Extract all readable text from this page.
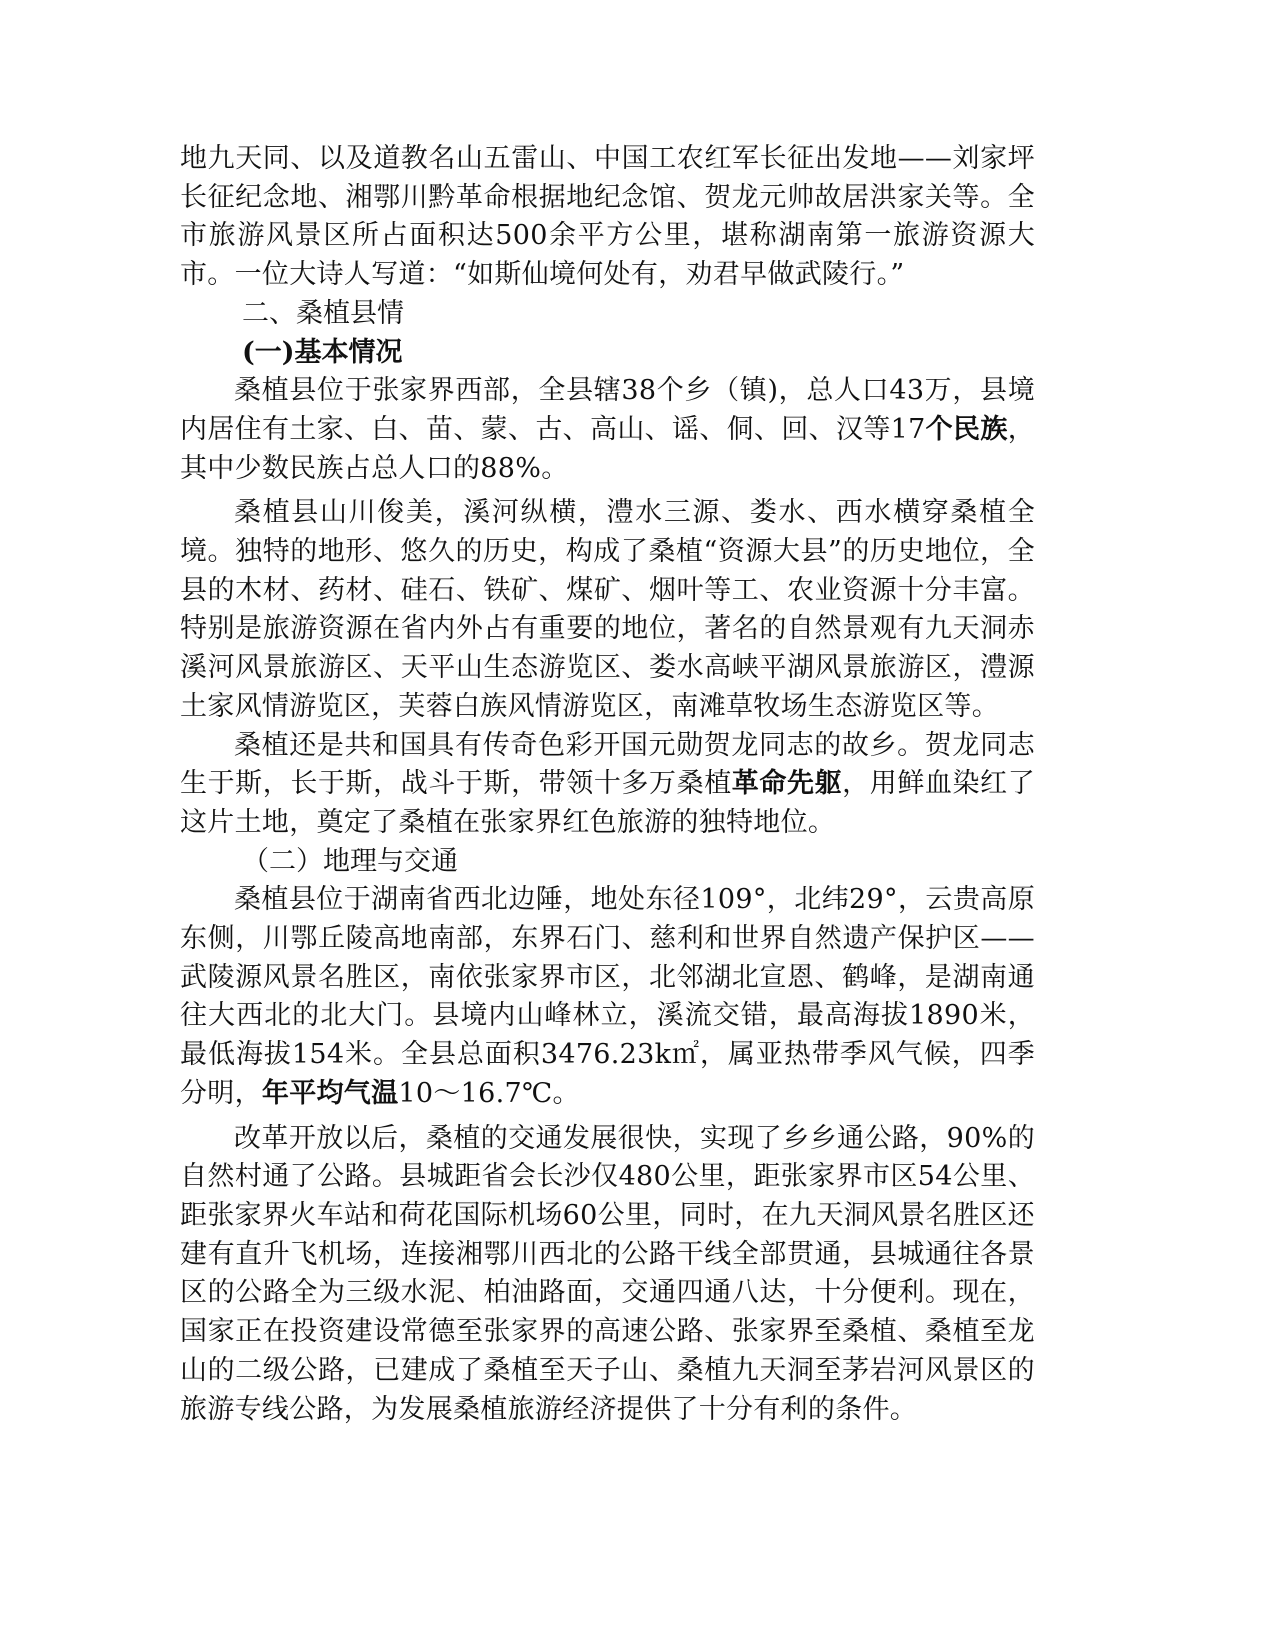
地九天同、以及道教名山五雷山、中国工农红军长征出发地——刘家坪长征纪念地、湘鄂川黔革命根据地纪念馆、贺龙元帅故居洪家关等。全市旅游风景区所占面积达500余平方公里，堪称湖南第一旅游资源大市。一位大诗人写道：“如斯仙境何处有，劝君早做武陵行。”

二、桑植县情

(一)基本情况

桑植县位于张家界西部，全县辖38个乡（镇)，总人口43万，县境内居住有土家、白、苗、蒙、古、高山、谣、侗、回、汉等17个民族，其中少数民族占总人口的88%。

桑植县山川俊美，溪河纵横，澧水三源、娄水、西水横穿桑植全境。独特的地形、悠久的历史，构成了桑植“资源大县”的历史地位，全县的木材、药材、硅石、铁矿、煤矿、烟叶等工、农业资源十分丰富。特别是旅游资源在省内外占有重要的地位，著名的自然景观有九天洞赤溪河风景旅游区、天平山生态游览区、娄水高峡平湖风景旅游区，澧源土家风情游览区，芙蓉白族风情游览区，南滩草牧场生态游览区等。

桑植还是共和国具有传奇色彩开国元勋贺龙同志的故乡。贺龙同志生于斯，长于斯，战斗于斯，带领十多万桑植革命先躯，用鲜血染红了这片土地，奠定了桑植在张家界红色旅游的独特地位。

（二）地理与交通

桑植县位于湖南省西北边陲，地处东径109°，北纬29°，云贵高原东侧，川鄂丘陵高地南部，东界石门、慈利和世界自然遗产保护区——武陵源风景名胜区，南依张家界市区，北邻湖北宣恩、鹤峰，是湖南通往大西北的北大门。县境内山峰林立，溪流交错，最高海拔1890米，最低海拔154米。全县总面积3476.23k㎡，属亚热带季风气候，四季分明，年平均气温10～16.7℃。

改革开放以后，桑植的交通发展很快，实现了乡乡通公路，90%的自然村通了公路。县城距省会长沙仅480公里，距张家界市区54公里、距张家界火车站和荷花国际机场60公里，同时，在九天洞风景名胜区还建有直升飞机场，连接湘鄂川西北的公路干线全部贯通，县城通往各景区的公路全为三级水泥、柏油路面，交通四通八达，十分便利。现在，国家正在投资建设常德至张家界的高速公路、张家界至桑植、桑植至龙山的二级公路，已建成了桑植至天子山、桑植九天洞至茅岩河风景区的旅游专线公路，为发展桑植旅游经济提供了十分有利的条件。
